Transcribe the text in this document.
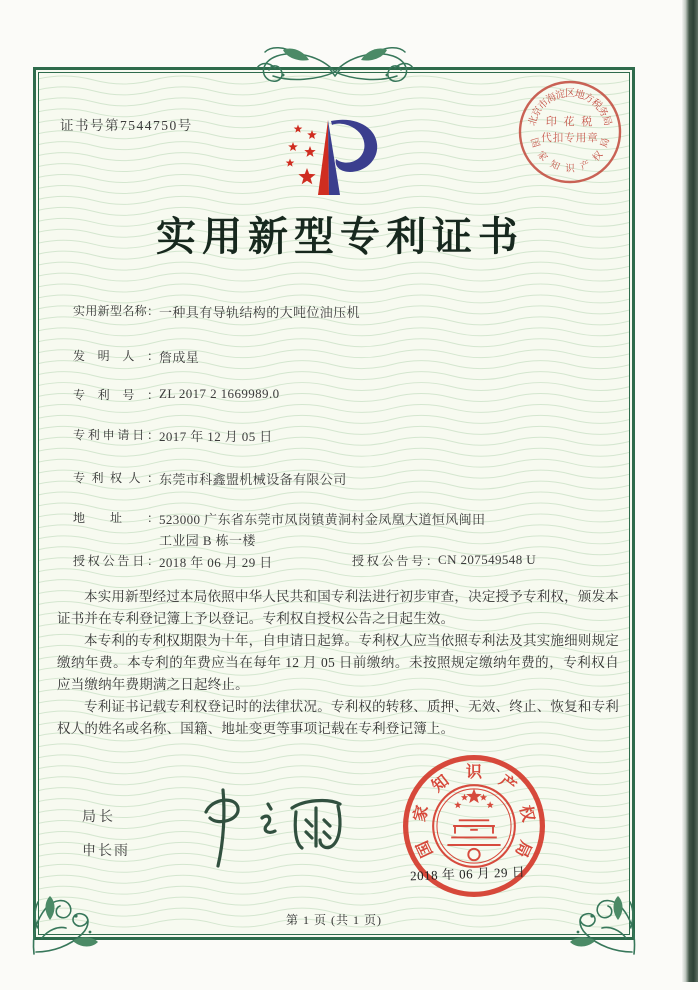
证书号第7544750号
实用新型专利证书
实用新型名称：一种具有导轨结构的大吨位油压机
发明人：詹成星
专利号：ZL 2017 2 1669989.0
专利申请日：2017 年 12 月 05 日
专利权人：东莞市科鑫盟机械设备有限公司
地址：523000 广东省东莞市凤岗镇黄洞村金凤凰大道恒风闽田
工业园 B 栋一楼
授权公告日：2018 年 06 月 29 日	授权公告号：CN 207549548 U

本实用新型经过本局依照中华人民共和国专利法进行初步审查，决定授予专利权，颁发本证书并在专利登记簿上予以登记。专利权自授权公告之日起生效。

本专利的专利权期限为十年，自申请日起算。专利权人应当依照专利法及其实施细则规定缴纳年费。本专利的年费应当在每年 12 月 05 日前缴纳。未按照规定缴纳年费的，专利权自应当缴纳年费期满之日起终止。

专利证书记载专利权登记时的法律状况。专利权的转移、质押、无效、终止、恢复和专利权人的姓名或名称、国籍、地址变更等事项记载在专利登记簿上。

局长
申长雨	国
家
知 识 产
权
局
2018 年 06 月 29 日
印 花 税
代扣专用章
北
京
市
海
淀
区
地
方
税
务
局
国
家
知 识 产
权
局
第 1 页 (共 1 页)
